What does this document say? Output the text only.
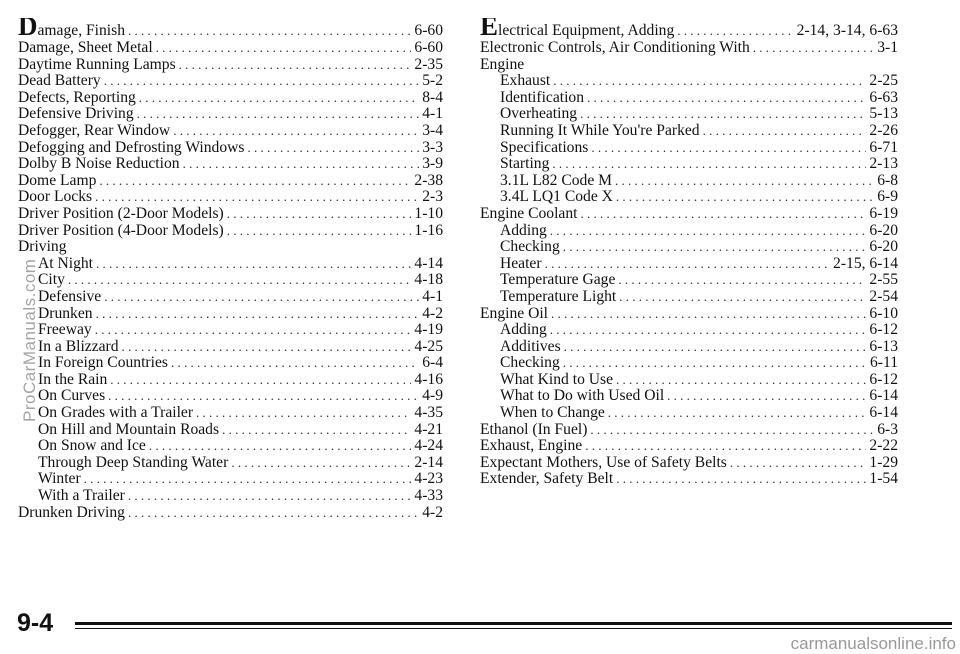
Damage, Finish . . .	6-60
Damage, Sheet Metal . . .	6-60
Daytime Running Lamps . . .	2-35
Dead Battery . . .	5-2
Defects, Reporting . . .	8-4
Defensive Driving . . .	4-1
Defogger, Rear Window . . .	3-4
Defogging and Defrosting Windows . . .	3-3
Dolby B Noise Reduction . . .	3-9
Dome Lamp . . .	2-38
Door Locks . . .	2-3
Driver Position (2-Door Models) . . .	1-10
Driver Position (4-Door Models) . . .	1-16
Driving
At Night . . .	4-14
City . . .	4-18
Defensive . . .	4-1
Drunken . . .	4-2
Freeway . . .	4-19
In a Blizzard . . .	4-25
In Foreign Countries . . .	6-4
In the Rain . . .	4-16
On Curves . . .	4-9
On Grades with a Trailer . . .	4-35
On Hill and Mountain Roads . . .	4-21
On Snow and Ice . . .	4-24
Through Deep Standing Water . . .	2-14
Winter . . .	4-23
With a Trailer . . .	4-33
Drunken Driving . . .	4-2
Electrical Equipment, Adding . . .	2-14, 3-14, 6-63
Electronic Controls, Air Conditioning With . . .	3-1
Engine
Exhaust . . .	2-25
Identification . . .	6-63
Overheating . . .	5-13
Running It While You're Parked . . .	2-26
Specifications . . .	6-71
Starting . . .	2-13
3.1L L82 Code M . . .	6-8
3.4L LQ1 Code X . . .	6-9
Engine Coolant . . .	6-19
Adding . . .	6-20
Checking . . .	6-20
Heater . . .	2-15, 6-14
Temperature Gage . . .	2-55
Temperature Light . . .	2-54
Engine Oil . . .	6-10
Adding . . .	6-12
Additives . . .	6-13
Checking . . .	6-11
What Kind to Use . . .	6-12
What to Do with Used Oil . . .	6-14
When to Change . . .	6-14
Ethanol (In Fuel) . . .	6-3
Exhaust, Engine . . .	2-22
Expectant Mothers, Use of Safety Belts . . .	1-29
Extender, Safety Belt . . .	1-54
ProCarManuals.com
9-4
carmanualsonline.info
